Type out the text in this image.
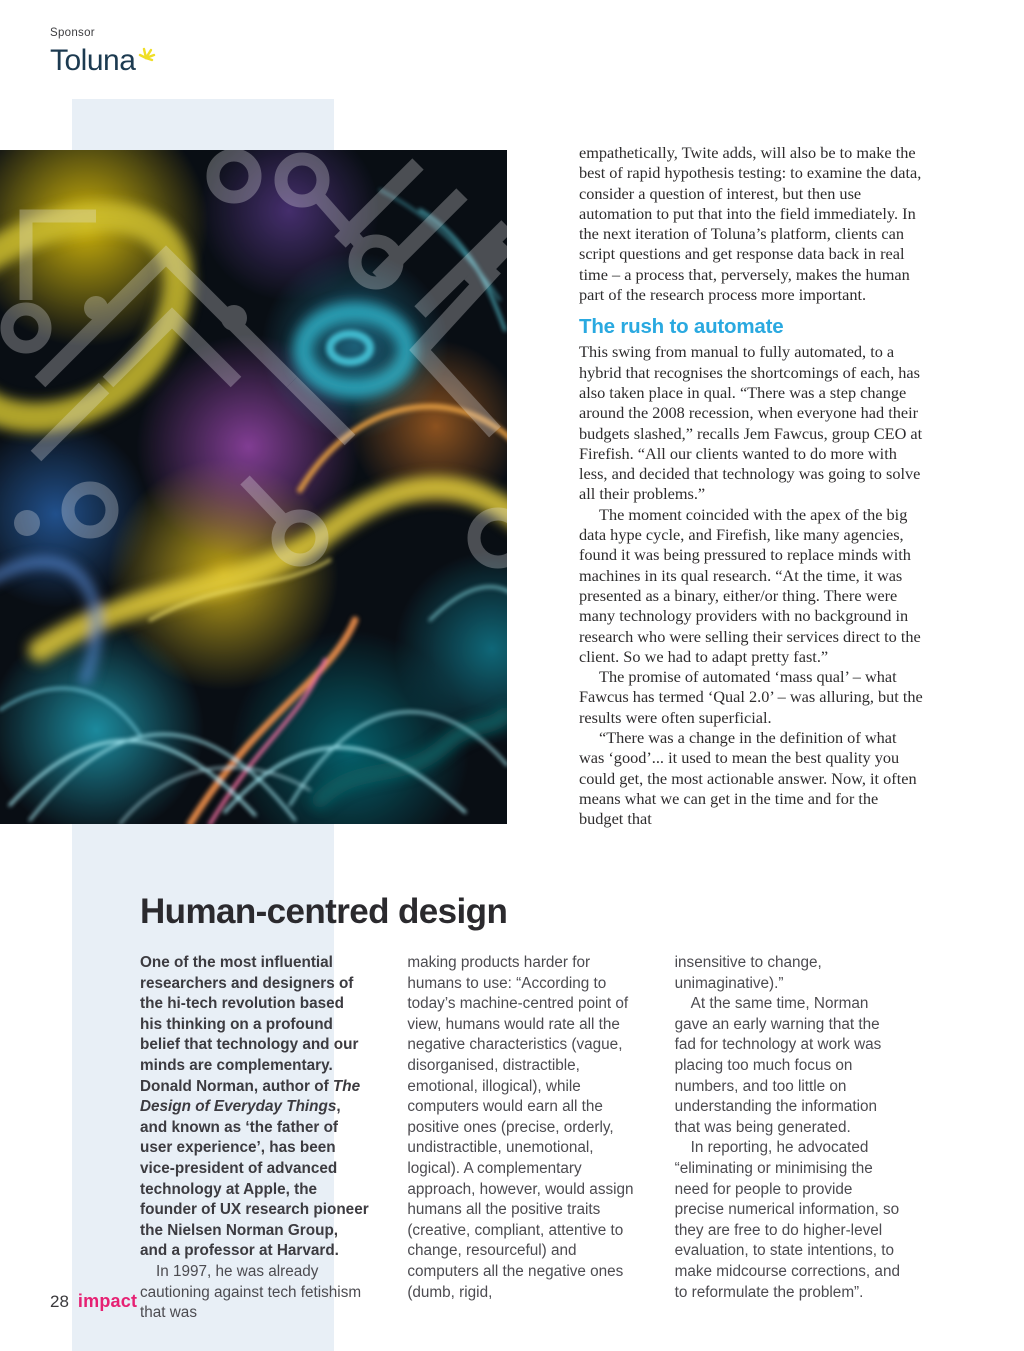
Sponsor
Toluna

empathetically, Twite adds, will also be to make the best of rapid hypothesis testing: to examine the data, consider a question of interest, but then use automation to put that into the field immediately. In the next iteration of Toluna’s platform, clients can script questions and get response data back in real time – a process that, perversely, makes the human part of the research process more important.

The rush to automate

This swing from manual to fully automated, to a hybrid that recognises the shortcomings of each, has also taken place in qual. “There was a step change around the 2008 recession, when everyone had their budgets slashed,” recalls Jem Fawcus, group CEO at Firefish. “All our clients wanted to do more with less, and decided that technology was going to solve all their problems.”

The moment coincided with the apex of the big data hype cycle, and Firefish, like many agencies, found it was being pressured to replace minds with machines in its qual research. “At the time, it was presented as a binary, either/or thing. There were many technology providers with no background in research who were selling their services direct to the client. So we had to adapt pretty fast.”

The promise of automated ‘mass qual’ – what Fawcus has termed ‘Qual 2.0’ – was alluring, but the results were often superficial.

“There was a change in the definition of what was ‘good’... it used to mean the best quality you could get, the most actionable answer. Now, it often means what we can get in the time and for the budget that

Human-centred design

One of the most influential researchers and designers of the hi-tech revolution based his thinking on a profound belief that technology and our minds are complementary. Donald Norman, author of The Design of Everyday Things, and known as ‘the father of user experience’, has been vice-president of advanced technology at Apple, the founder of UX research pioneer the Nielsen Norman Group, and a professor at Harvard.

In 1997, he was already cautioning against tech fetishism that was

making products harder for humans to use: “According to today’s machine-centred point of view, humans would rate all the negative characteristics (vague, disorganised, distractible, emotional, illogical), while computers would earn all the positive ones (precise, orderly, undistractible, unemotional, logical). A complementary approach, however, would assign humans all the positive traits (creative, compliant, attentive to change, resourceful) and computers all the negative ones (dumb, rigid,

insensitive to change, unimaginative).”

At the same time, Norman gave an early warning that the fad for technology at work was placing too much focus on numbers, and too little on understanding the information that was being generated.

In reporting, he advocated “eliminating or minimising the need for people to provide precise numerical information, so they are free to do higher-level evaluation, to state intentions, to make midcourse corrections, and to reformulate the problem”.

28 impact
